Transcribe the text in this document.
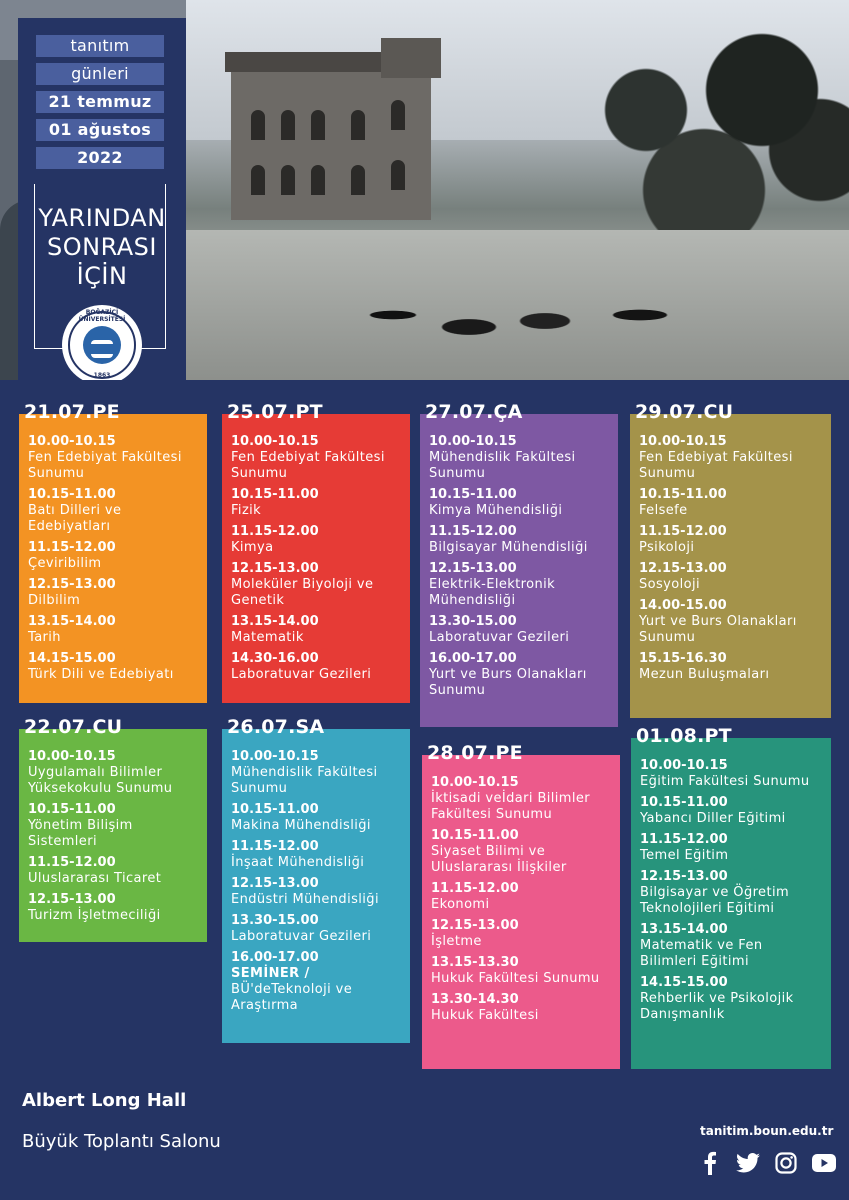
tanıtım
günleri
21 temmuz
01 ağustos
2022
YARINDAN
SONRASI
İÇİN
BOĞAZİÇİ ÜNİVERSİTESİ
1863
21.07.PE
10.00-10.15
Fen Edebiyat Fakültesi Sunumu
10.15-11.00
Batı Dilleri ve Edebiyatları
11.15-12.00
Çeviribilim
12.15-13.00
Dilbilim
13.15-14.00
Tarih
14.15-15.00
Türk Dili ve Edebiyatı
25.07.PT
10.00-10.15
Fen Edebiyat Fakültesi Sunumu
10.15-11.00
Fizik
11.15-12.00
Kimya
12.15-13.00
Moleküler Biyoloji ve Genetik
13.15-14.00
Matematik
14.30-16.00
Laboratuvar Gezileri
27.07.ÇA
10.00-10.15
Mühendislik Fakültesi Sunumu
10.15-11.00
Kimya Mühendisliği
11.15-12.00
Bilgisayar Mühendisliği
12.15-13.00
Elektrik-Elektronik Mühendisliği
13.30-15.00
Laboratuvar Gezileri
16.00-17.00
Yurt ve Burs Olanakları Sunumu
29.07.CU
10.00-10.15
Fen Edebiyat Fakültesi Sunumu
10.15-11.00
Felsefe
11.15-12.00
Psikoloji
12.15-13.00
Sosyoloji
14.00-15.00
Yurt ve Burs Olanakları Sunumu
15.15-16.30
Mezun Buluşmaları
22.07.CU
10.00-10.15
Uygulamalı Bilimler Yüksekokulu Sunumu
10.15-11.00
Yönetim Bilişim Sistemleri
11.15-12.00
Uluslararası Ticaret
12.15-13.00
Turizm İşletmeciliği
26.07.SA
10.00-10.15
Mühendislik Fakültesi Sunumu
10.15-11.00
Makina Mühendisliği
11.15-12.00
İnşaat Mühendisliği
12.15-13.00
Endüstri Mühendisliği
13.30-15.00
Laboratuvar Gezileri
16.00-17.00
SEMİNER /
BÜ'deTeknoloji ve Araştırma
28.07.PE
10.00-10.15
İktisadi veİdari Bilimler Fakültesi Sunumu
10.15-11.00
Siyaset Bilimi ve Uluslararası İlişkiler
11.15-12.00
Ekonomi
12.15-13.00
İşletme
13.15-13.30
Hukuk Fakültesi Sunumu
13.30-14.30
Hukuk Fakültesi
01.08.PT
10.00-10.15
Eğitim Fakültesi Sunumu
10.15-11.00
Yabancı Diller Eğitimi
11.15-12.00
Temel Eğitim
12.15-13.00
Bilgisayar ve Öğretim Teknolojileri Eğitimi
13.15-14.00
Matematik ve Fen Bilimleri Eğitimi
14.15-15.00
Rehberlik ve Psikolojik Danışmanlık
Albert Long Hall
Büyük Toplantı Salonu	tanitim.boun.edu.tr
